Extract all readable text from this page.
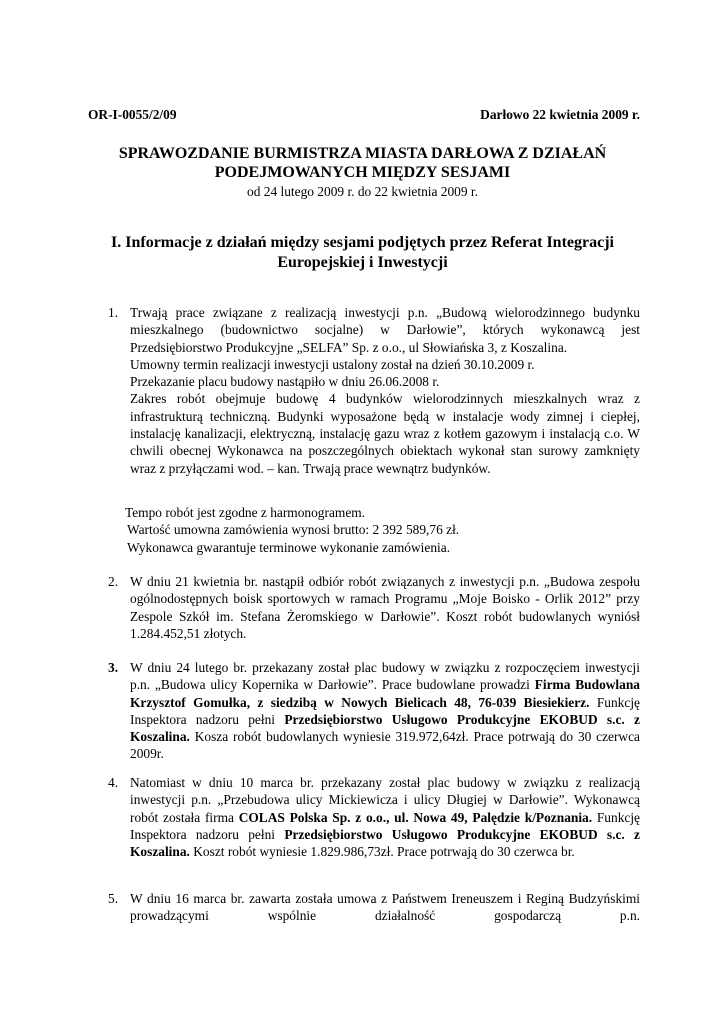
OR-I-0055/2/09	Darłowo 22 kwietnia 2009 r.
SPRAWOZDANIE BURMISTRZA MIASTA DARŁOWA Z DZIAŁAŃ
PODEJMOWANYCH MIĘDZY SESJAMI
od 24 lutego 2009 r. do 22 kwietnia 2009 r.
I. Informacje z działań między sesjami podjętych przez Referat Integracji
Europejskiej i Inwestycji
1. Trwają prace związane z realizacją inwestycji p.n. „Budową wielorodzinnego budynku mieszkalnego (budownictwo socjalne) w Darłowie”, których wykonawcą jest Przedsiębiorstwo Produkcyjne „SELFA” Sp. z o.o., ul Słowiańska 3, z Koszalina.

Umowny termin realizacji inwestycji ustalony został na dzień 30.10.2009 r.

Przekazanie placu budowy nastąpiło w dniu 26.06.2008 r.

Zakres robót obejmuje budowę 4 budynków wielorodzinnych mieszkalnych wraz z infrastrukturą techniczną. Budynki wyposażone będą w instalacje wody zimnej i ciepłej, instalację kanalizacji, elektryczną, instalację gazu wraz z kotłem gazowym i instalacją c.o. W chwili obecnej Wykonawca na poszczególnych obiektach wykonał stan surowy zamknięty wraz z przyłączami wod. – kan. Trwają prace wewnątrz budynków.

Tempo robót jest zgodne z harmonogramem.

Wartość umowna zamówienia wynosi brutto: 2 392 589,76 zł.

Wykonawca gwarantuje terminowe wykonanie zamówienia.

2. W dniu 21 kwietnia br. nastąpił odbiór robót związanych z inwestycji p.n. „Budowa zespołu ogólnodostępnych boisk sportowych w ramach Programu „Moje Boisko - Orlik 2012” przy Zespole Szkół im. Stefana Żeromskiego w Darłowie”. Koszt robót budowlanych wyniósł 1.284.452,51 złotych.

3. W dniu 24 lutego br. przekazany został plac budowy w związku z rozpoczęciem inwestycji p.n. „Budowa ulicy Kopernika w Darłowie”. Prace budowlane prowadzi Firma Budowlana Krzysztof Gomułka, z siedzibą w Nowych Bielicach 48, 76-039 Biesiekierz. Funkcję Inspektora nadzoru pełni Przedsiębiorstwo Usługowo Produkcyjne EKOBUD s.c. z Koszalina. Kosza robót budowlanych wyniesie 319.972,64zł. Prace potrwają do 30 czerwca 2009r.

4. Natomiast w dniu 10 marca br. przekazany został plac budowy w związku z realizacją inwestycji p.n. „Przebudowa ulicy Mickiewicza i ulicy Długiej w Darłowie”. Wykonawcą robót została firma COLAS Polska Sp. z o.o., ul. Nowa 49, Palędzie k/Poznania. Funkcję Inspektora nadzoru pełni Przedsiębiorstwo Usługowo Produkcyjne EKOBUD s.c. z Koszalina. Koszt robót wyniesie 1.829.986,73zł. Prace potrwają do 30 czerwca br.

5. W dniu 16 marca br. zawarta została umowa z Państwem Ireneuszem i Reginą Budzyńskimi prowadzącymi wspólnie działalność gospodarczą p.n.
